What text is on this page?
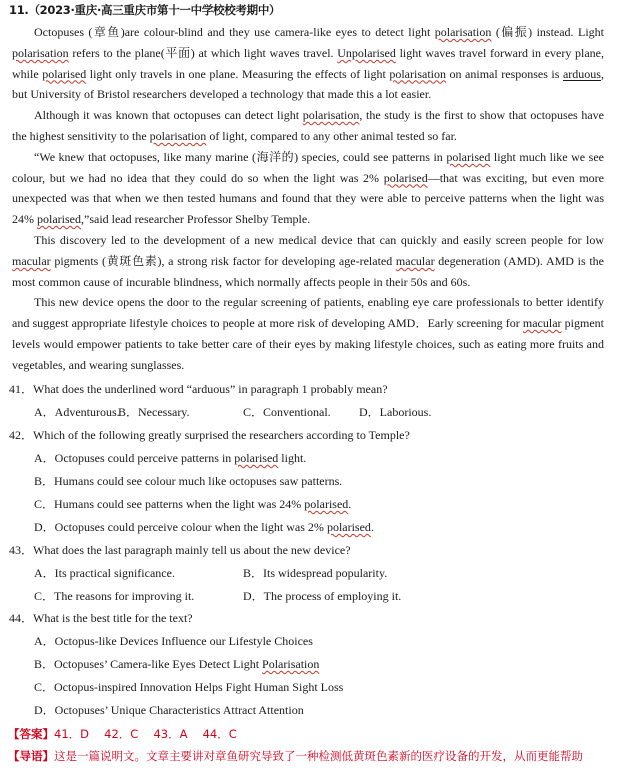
11.（2023·重庆·高三重庆市第十一中学校校考期中）

Octopuses (章鱼)are colour-blind and they use camera-like eyes to detect light polarisation (偏振) instead. Light polarisation refers to the plane(平面) at which light waves travel. Unpolarised light waves travel forward in every plane, while polarised light only travels in one plane. Measuring the effects of light polarisation on animal responses is arduous, but University of Bristol researchers developed a technology that made this a lot easier.

Although it was known that octopuses can detect light polarisation, the study is the first to show that octopuses have the highest sensitivity to the polarisation of light, compared to any other animal tested so far.

“We knew that octopuses, like many marine (海洋的) species, could see patterns in polarised light much like we see colour, but we had no idea that they could do so when the light was 2% polarised—that was exciting, but even more unexpected was that when we then tested humans and found that they were able to perceive patterns when the light was 24% polarised,”said lead researcher Professor Shelby Temple.

This discovery led to the development of a new medical device that can quickly and easily screen people for low macular pigments (黄斑色素), a strong risk factor for developing age-related macular degeneration (AMD). AMD is the most common cause of incurable blindness, which normally affects people in their 50s and 60s.

This new device opens the door to the regular screening of patients, enabling eye care professionals to better identify and suggest appropriate lifestyle choices to people at more risk of developing AMD．Early screening for macular pigment levels would empower patients to take better care of their eyes by making lifestyle choices, such as eating more fruits and vegetables, and wearing sunglasses.

41．What does the underlined word “arduous” in paragraph 1 probably mean?
A．Adventurous.
B．Necessary.	C．Conventional. D．Laborious.
42．Which of the following greatly surprised the researchers according to Temple?
A．Octopuses could perceive patterns in polarised light.
B．Humans could see colour much like octopuses saw patterns.
C．Humans could see patterns when the light was 24% polarised.
D．Octopuses could perceive colour when the light was 2% polarised.
43．What does the last paragraph mainly tell us about the new device?
A．Its practical significance.	B．Its widespread popularity.
C．The reasons for improving it.	D．The process of employing it.
44．What is the best title for the text?
A．Octopus-like Devices Influence our Lifestyle Choices
B．Octopuses’ Camera-like Eyes Detect Light Polarisation
C．Octopus-inspired Innovation Helps Fight Human Sight Loss
D．Octopuses’ Unique Characteristics Attract Attention
【答案】41．D　 42．C　 43．A　 44．C
【导语】这是一篇说明文。文章主要讲对章鱼研究导致了一种检测低黄斑色素新的医疗设备的开发，从而更能帮助
